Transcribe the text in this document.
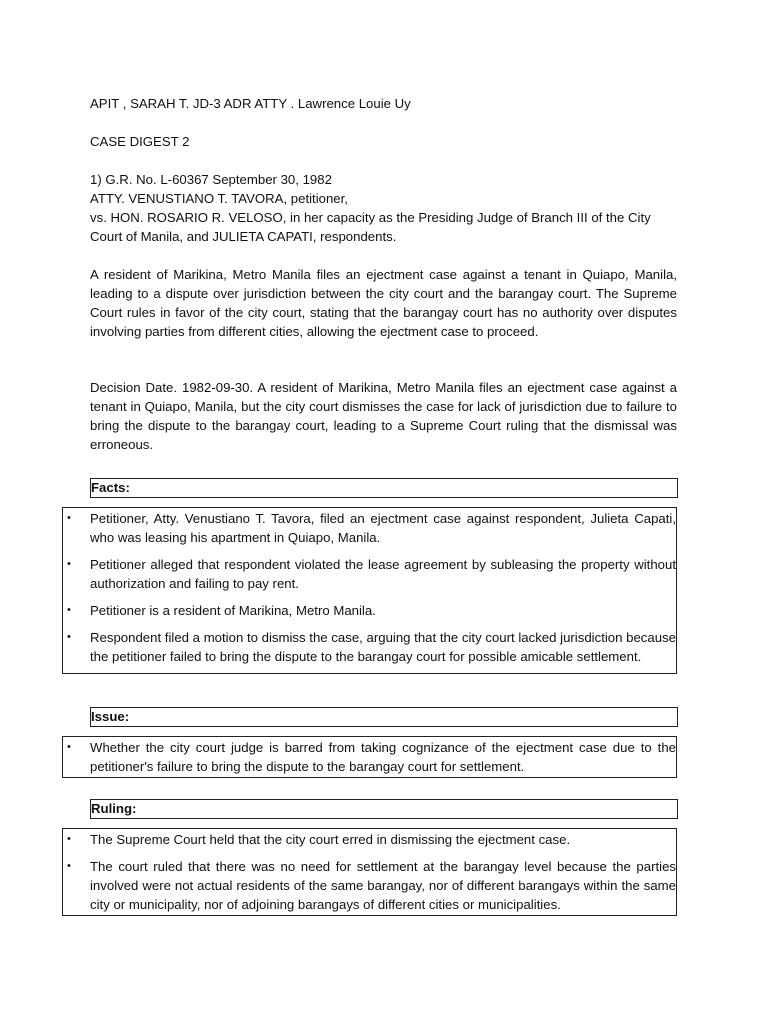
APIT , SARAH T. JD-3 ADR ATTY . Lawrence Louie Uy
CASE DIGEST 2
1) G.R. No. L-60367 September 30, 1982
ATTY. VENUSTIANO T. TAVORA, petitioner,
vs. HON. ROSARIO R. VELOSO, in her capacity as the Presiding Judge of Branch III of the City
Court of Manila, and JULIETA CAPATI, respondents.
A resident of Marikina, Metro Manila files an ejectment case against a tenant in Quiapo, Manila, leading to a dispute over jurisdiction between the city court and the barangay court. The Supreme Court rules in favor of the city court, stating that the barangay court has no authority over disputes involving parties from different cities, allowing the ejectment case to proceed.
Decision Date. 1982-09-30. A resident of Marikina, Metro Manila files an ejectment case against a tenant in Quiapo, Manila, but the city court dismisses the case for lack of jurisdiction due to failure to bring the dispute to the barangay court, leading to a Supreme Court ruling that the dismissal was erroneous.
Facts:
• Petitioner, Atty. Venustiano T. Tavora, filed an ejectment case against respondent, Julieta Capati, who was leasing his apartment in Quiapo, Manila.
• Petitioner alleged that respondent violated the lease agreement by subleasing the property without authorization and failing to pay rent.
• Petitioner is a resident of Marikina, Metro Manila.
• Respondent filed a motion to dismiss the case, arguing that the city court lacked jurisdiction because the petitioner failed to bring the dispute to the barangay court for possible amicable settlement.
Issue:
• Whether the city court judge is barred from taking cognizance of the ejectment case due to the petitioner's failure to bring the dispute to the barangay court for settlement.
Ruling:
• The Supreme Court held that the city court erred in dismissing the ejectment case.
• The court ruled that there was no need for settlement at the barangay level because the parties involved were not actual residents of the same barangay, nor of different barangays within the same city or municipality, nor of adjoining barangays of different cities or municipalities.
